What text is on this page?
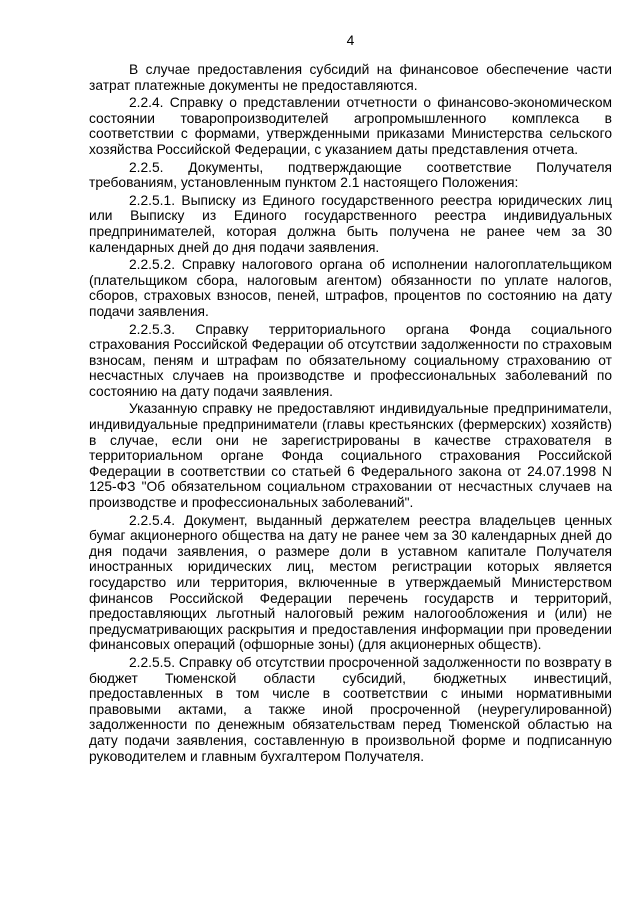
4

В случае предоставления субсидий на финансовое обеспечение части затрат платежные документы не предоставляются.

2.2.4. Справку о представлении отчетности о финансово-экономическом состоянии товаропроизводителей агропромышленного комплекса в соответствии с формами, утвержденными приказами Министерства сельского хозяйства Российской Федерации, с указанием даты представления отчета.

2.2.5. Документы, подтверждающие соответствие Получателя требованиям, установленным пунктом 2.1 настоящего Положения:

2.2.5.1. Выписку из Единого государственного реестра юридических лиц или Выписку из Единого государственного реестра индивидуальных предпринимателей, которая должна быть получена не ранее чем за 30 календарных дней до дня подачи заявления.

2.2.5.2. Справку налогового органа об исполнении налогоплательщиком (плательщиком сбора, налоговым агентом) обязанности по уплате налогов, сборов, страховых взносов, пеней, штрафов, процентов по состоянию на дату подачи заявления.

2.2.5.3. Справку территориального органа Фонда социального страхования Российской Федерации об отсутствии задолженности по страховым взносам, пеням и штрафам по обязательному социальному страхованию от несчастных случаев на производстве и профессиональных заболеваний по состоянию на дату подачи заявления.

Указанную справку не предоставляют индивидуальные предприниматели, индивидуальные предприниматели (главы крестьянских (фермерских) хозяйств) в случае, если они не зарегистрированы в качестве страхователя в территориальном органе Фонда социального страхования Российской Федерации в соответствии со статьей 6 Федерального закона от 24.07.1998 N 125-ФЗ "Об обязательном социальном страховании от несчастных случаев на производстве и профессиональных заболеваний".

2.2.5.4. Документ, выданный держателем реестра владельцев ценных бумаг акционерного общества на дату не ранее чем за 30 календарных дней до дня подачи заявления, о размере доли в уставном капитале Получателя иностранных юридических лиц, местом регистрации которых является государство или территория, включенные в утверждаемый Министерством финансов Российской Федерации перечень государств и территорий, предоставляющих льготный налоговый режим налогообложения и (или) не предусматривающих раскрытия и предоставления информации при проведении финансовых операций (офшорные зоны) (для акционерных обществ).

2.2.5.5. Справку об отсутствии просроченной задолженности по возврату в бюджет Тюменской области субсидий, бюджетных инвестиций, предоставленных в том числе в соответствии с иными нормативными правовыми актами, а также иной просроченной (неурегулированной) задолженности по денежным обязательствам перед Тюменской областью на дату подачи заявления, составленную в произвольной форме и подписанную руководителем и главным бухгалтером Получателя.
